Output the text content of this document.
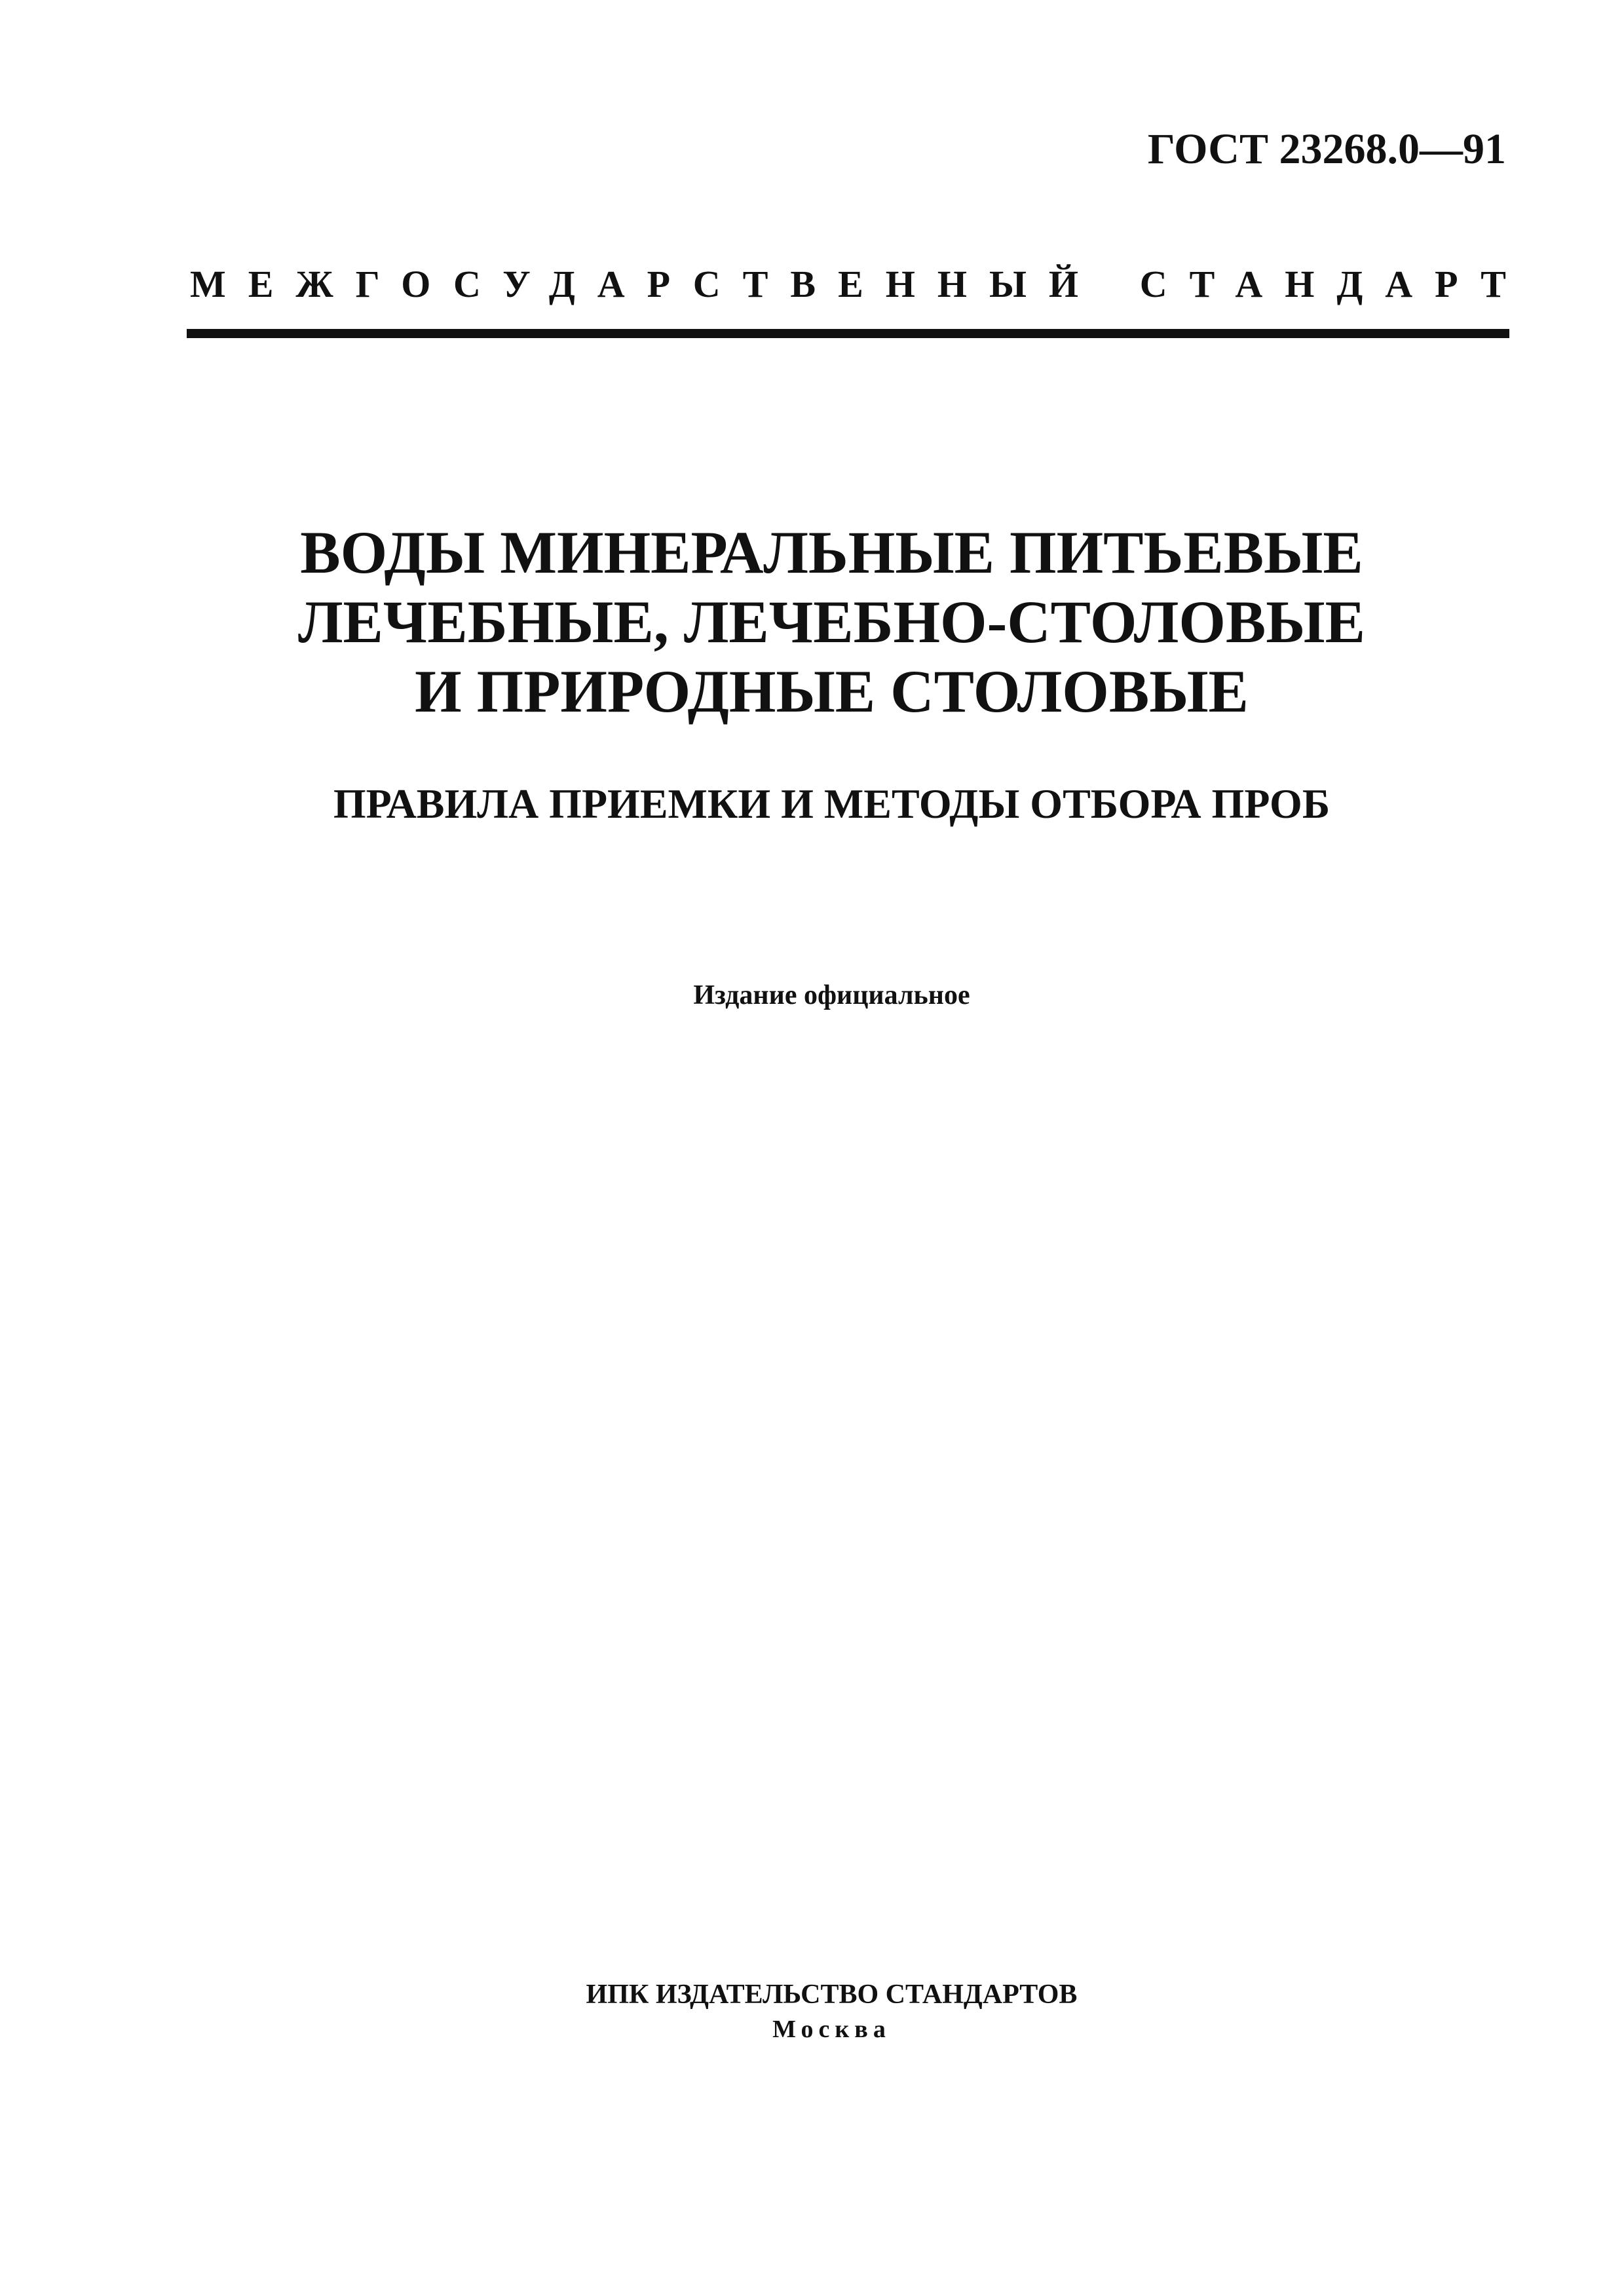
ГОСТ 23268.0—91
МЕЖГОСУДАРСТВЕННЫЙ СТАНДАРТ
ВОДЫ МИНЕРАЛЬНЫЕ ПИТЬЕВЫЕ
ЛЕЧЕБНЫЕ, ЛЕЧЕБНО-СТОЛОВЫЕ
И ПРИРОДНЫЕ СТОЛОВЫЕ
ПРАВИЛА ПРИЕМКИ И МЕТОДЫ ОТБОРА ПРОБ
Издание официальное
ИПК ИЗДАТЕЛЬСТВО СТАНДАРТОВ
Москва
